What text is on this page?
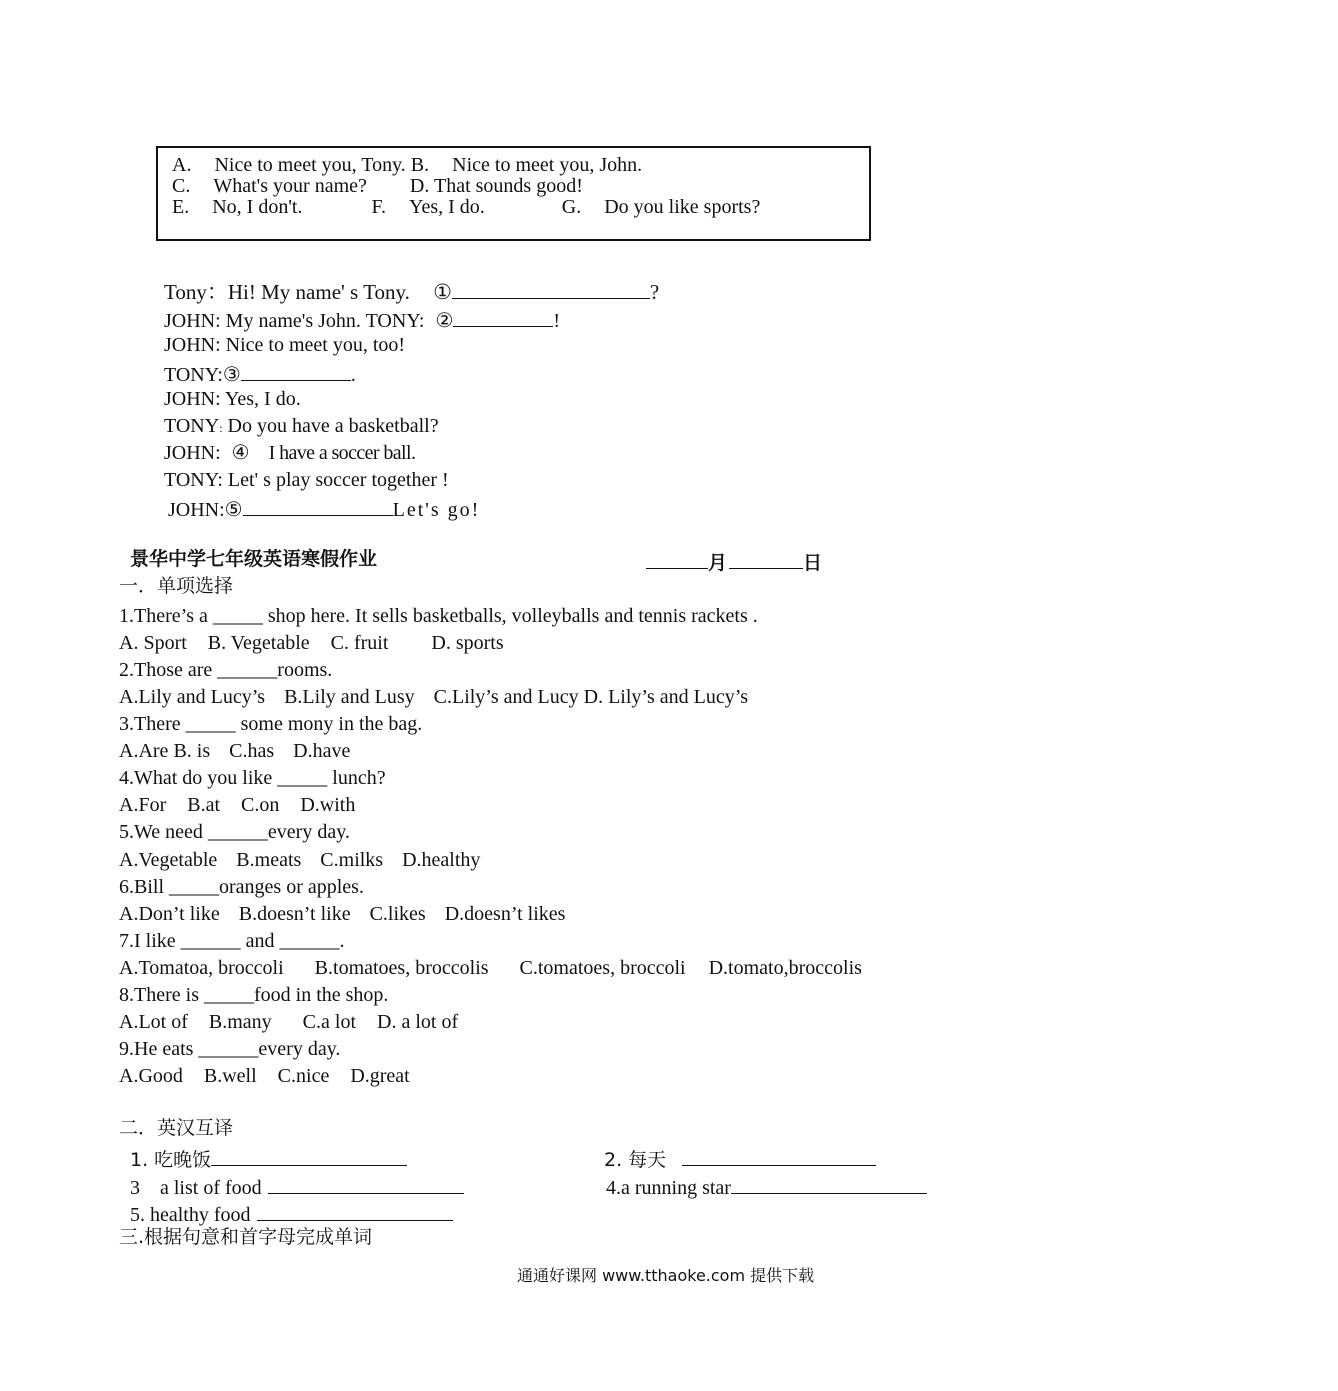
A. Nice to meet you, Tony. B. Nice to meet you, John.
C. What's your name? D. That sounds good!
E. No, I don't.	F. Yes, I do.	G. Do you like sports?
Tony：Hi! My name' s Tony. ①	?
JOHN: My name's John. TONY: ②	!
JOHN: Nice to meet you, too!
TONY:③	.
JOHN: Yes, I do.
TONY: Do you have a basketball?
JOHN: ④ I have a soccer ball.
TONY: Let' s play soccer together !
JOHN:⑤	Let's go!
景华中学七年级英语寒假作业	月	日
一．单项选择
1.There’s a _____ shop here. It sells basketballs, volleyballs and tennis rackets .
A. Sport B. Vegetable C. fruit D. sports
2.Those are ______rooms.
A.Lily and Lucy’s B.Lily and Lusy C.Lily’s and Lucy D. Lily’s and Lucy’s
3.There _____ some mony in the bag.
A.Are B. is C.has D.have
4.What do you like _____ lunch?
A.For B.at C.on D.with
5.We need ______every day.
A.Vegetable B.meats C.milks D.healthy
6.Bill _____oranges or apples.
A.Don’t like B.doesn’t like C.likes D.doesn’t likes
7.I like ______ and ______.
A.Tomatoa, broccoli B.tomatoes, broccolis C.tomatoes, broccoli D.tomato,broccolis
8.There is _____food in the shop.
A.Lot of B.many C.a lot D. a lot of
9.He eats ______every day.
A.Good B.well C.nice D.great
二．英汉互译
1. 吃晚饭	2. 每天
3    a list of food	4.a running star
5. healthy food
三.根据句意和首字母完成单词
通通好课网 www.tthaoke.com 提供下载
